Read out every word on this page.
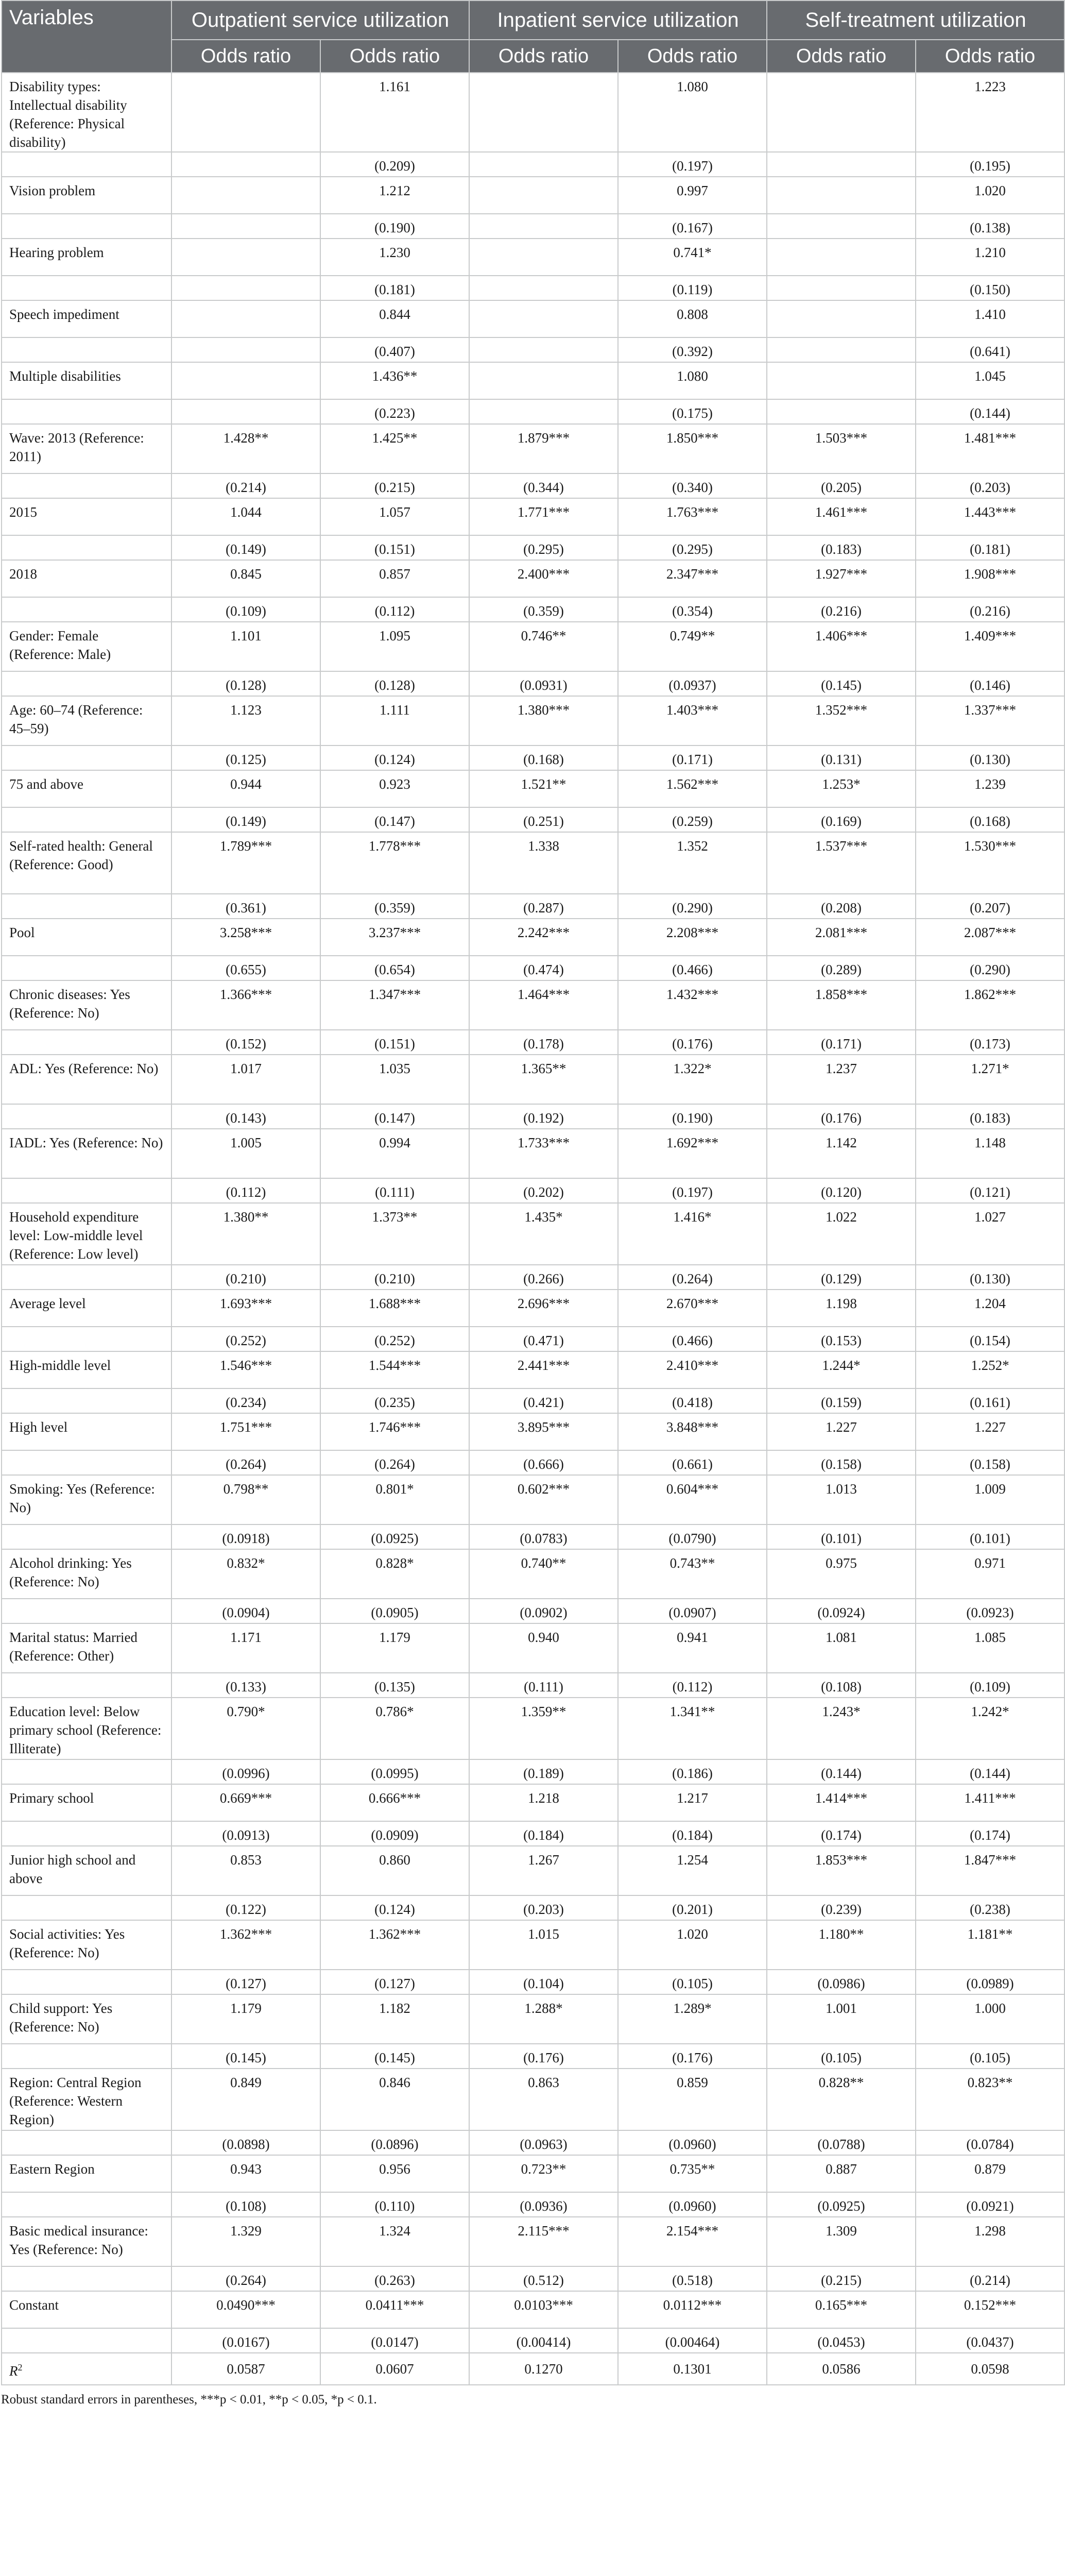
Variables	Outpatient service utilization		Inpatient service utilization		Self-treatment utilization	
	Odds ratio	Odds ratio	Odds ratio	Odds ratio	Odds ratio	Odds ratio
Disability types: Intellectual disability (Reference: Physical disability)		1.161		1.080		1.223
		(0.209)		(0.197)		(0.195)
Vision problem		1.212		0.997		1.020
		(0.190)		(0.167)		(0.138)
Hearing problem		1.230		0.741*		1.210
		(0.181)		(0.119)		(0.150)
Speech impediment		0.844		0.808		1.410
		(0.407)		(0.392)		(0.641)
Multiple disabilities		1.436**		1.080		1.045
		(0.223)		(0.175)		(0.144)
Wave: 2013 (Reference: 2011)	1.428**	1.425**	1.879***	1.850***	1.503***	1.481***
	(0.214)	(0.215)	(0.344)	(0.340)	(0.205)	(0.203)
2015	1.044	1.057	1.771***	1.763***	1.461***	1.443***
	(0.149)	(0.151)	(0.295)	(0.295)	(0.183)	(0.181)
2018	0.845	0.857	2.400***	2.347***	1.927***	1.908***
	(0.109)	(0.112)	(0.359)	(0.354)	(0.216)	(0.216)
Gender: Female (Reference: Male)	1.101	1.095	0.746**	0.749**	1.406***	1.409***
	(0.128)	(0.128)	(0.0931)	(0.0937)	(0.145)	(0.146)
Age: 60–74 (Reference: 45–59)	1.123	1.111	1.380***	1.403***	1.352***	1.337***
	(0.125)	(0.124)	(0.168)	(0.171)	(0.131)	(0.130)
75 and above	0.944	0.923	1.521**	1.562***	1.253*	1.239
	(0.149)	(0.147)	(0.251)	(0.259)	(0.169)	(0.168)
Self-rated health: General (Reference: Good)	1.789***	1.778***	1.338	1.352	1.537***	1.530***
	(0.361)	(0.359)	(0.287)	(0.290)	(0.208)	(0.207)
Pool	3.258***	3.237***	2.242***	2.208***	2.081***	2.087***
	(0.655)	(0.654)	(0.474)	(0.466)	(0.289)	(0.290)
Chronic diseases: Yes (Reference: No)	1.366***	1.347***	1.464***	1.432***	1.858***	1.862***
	(0.152)	(0.151)	(0.178)	(0.176)	(0.171)	(0.173)
ADL: Yes (Reference: No)	1.017	1.035	1.365**	1.322*	1.237	1.271*
	(0.143)	(0.147)	(0.192)	(0.190)	(0.176)	(0.183)
IADL: Yes (Reference: No)	1.005	0.994	1.733***	1.692***	1.142	1.148
	(0.112)	(0.111)	(0.202)	(0.197)	(0.120)	(0.121)
Household expenditure level: Low-middle level (Reference: Low level)	1.380**	1.373**	1.435*	1.416*	1.022	1.027
	(0.210)	(0.210)	(0.266)	(0.264)	(0.129)	(0.130)
Average level	1.693***	1.688***	2.696***	2.670***	1.198	1.204
	(0.252)	(0.252)	(0.471)	(0.466)	(0.153)	(0.154)
High-middle level	1.546***	1.544***	2.441***	2.410***	1.244*	1.252*
	(0.234)	(0.235)	(0.421)	(0.418)	(0.159)	(0.161)
High level	1.751***	1.746***	3.895***	3.848***	1.227	1.227
	(0.264)	(0.264)	(0.666)	(0.661)	(0.158)	(0.158)
Smoking: Yes (Reference: No)	0.798**	0.801*	0.602***	0.604***	1.013	1.009
	(0.0918)	(0.0925)	(0.0783)	(0.0790)	(0.101)	(0.101)
Alcohol drinking: Yes (Reference: No)	0.832*	0.828*	0.740**	0.743**	0.975	0.971
	(0.0904)	(0.0905)	(0.0902)	(0.0907)	(0.0924)	(0.0923)
Marital status: Married (Reference: Other)	1.171	1.179	0.940	0.941	1.081	1.085
	(0.133)	(0.135)	(0.111)	(0.112)	(0.108)	(0.109)
Education level: Below primary school (Reference: Illiterate)	0.790*	0.786*	1.359**	1.341**	1.243*	1.242*
	(0.0996)	(0.0995)	(0.189)	(0.186)	(0.144)	(0.144)
Primary school	0.669***	0.666***	1.218	1.217	1.414***	1.411***
	(0.0913)	(0.0909)	(0.184)	(0.184)	(0.174)	(0.174)
Junior high school and above	0.853	0.860	1.267	1.254	1.853***	1.847***
	(0.122)	(0.124)	(0.203)	(0.201)	(0.239)	(0.238)
Social activities: Yes (Reference: No)	1.362***	1.362***	1.015	1.020	1.180**	1.181**
	(0.127)	(0.127)	(0.104)	(0.105)	(0.0986)	(0.0989)
Child support: Yes (Reference: No)	1.179	1.182	1.288*	1.289*	1.001	1.000
	(0.145)	(0.145)	(0.176)	(0.176)	(0.105)	(0.105)
Region: Central Region (Reference: Western Region)	0.849	0.846	0.863	0.859	0.828**	0.823**
	(0.0898)	(0.0896)	(0.0963)	(0.0960)	(0.0788)	(0.0784)
Eastern Region	0.943	0.956	0.723**	0.735**	0.887	0.879
	(0.108)	(0.110)	(0.0936)	(0.0960)	(0.0925)	(0.0921)
Basic medical insurance: Yes (Reference: No)	1.329	1.324	2.115***	2.154***	1.309	1.298
	(0.264)	(0.263)	(0.512)	(0.518)	(0.215)	(0.214)
Constant	0.0490***	0.0411***	0.0103***	0.0112***	0.165***	0.152***
	(0.0167)	(0.0147)	(0.00414)	(0.00464)	(0.0453)	(0.0437)
$R^2$	0.0587	0.0607	0.1270	0.1301	0.0586	0.0598
Robust standard errors in parentheses, ***p < 0.01, **p < 0.05, *p < 0.1.
